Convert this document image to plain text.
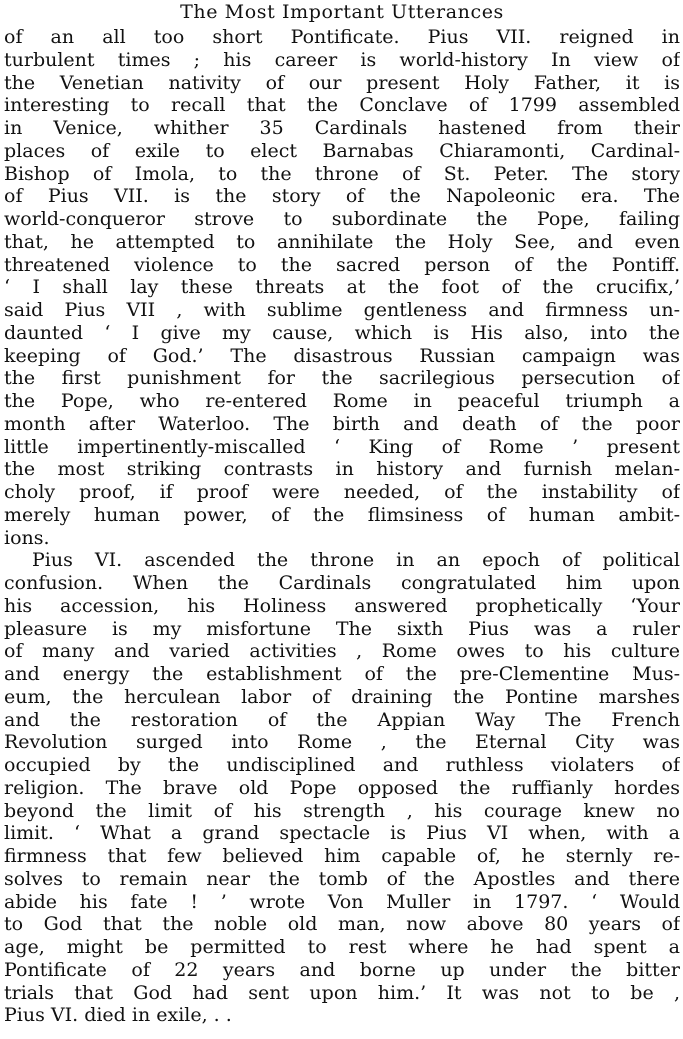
The Most Important Utterances
of an all too short Pontificate. Pius VII. reigned in
turbulent times ; his career is world-history In view of
the Venetian nativity of our present Holy Father, it is
interesting to recall that the Conclave of 1799 assembled
in Venice, whither 35 Cardinals hastened from their
places of exile to elect Barnabas Chiaramonti, Cardinal-
Bishop of Imola, to the throne of St. Peter. The story
of Pius VII. is the story of the Napoleonic era. The
world-conqueror strove to subordinate the Pope, failing
that, he attempted to annihilate the Holy See, and even
threatened violence to the sacred person of the Pontiff.
‘ I shall lay these threats at the foot of the crucifix,’
said Pius VII , with sublime gentleness and firmness un-
daunted ‘ I give my cause, which is His also, into the
keeping of God.’ The disastrous Russian campaign was
the first punishment for the sacrilegious persecution of
the Pope, who re-entered Rome in peaceful triumph a
month after Waterloo. The birth and death of the poor
little impertinently-miscalled ‘ King of Rome ’ present
the most striking contrasts in history and furnish melan-
choly proof, if proof were needed, of the instability of
merely human power, of the flimsiness of human ambit-
ions.
Pius VI. ascended the throne in an epoch of political
confusion. When the Cardinals congratulated him upon
his accession, his Holiness answered prophetically ‘Your
pleasure is my misfortune The sixth Pius was a ruler
of many and varied activities , Rome owes to his culture
and energy the establishment of the pre-Clementine Mus-
eum, the herculean labor of draining the Pontine marshes
and the restoration of the Appian Way The French
Revolution surged into Rome , the Eternal City was
occupied by the undisciplined and ruthless violaters of
religion. The brave old Pope opposed the ruffianly hordes
beyond the limit of his strength , his courage knew no
limit. ‘ What a grand spectacle is Pius VI when, with a
firmness that few believed him capable of, he sternly re-
solves to remain near the tomb of the Apostles and there
abide his fate ! ’ wrote Von Muller in 1797. ‘ Would
to God that the noble old man, now above 80 years of
age, might be permitted to rest where he had spent a
Pontificate of 22 years and borne up under the bitter
trials that God had sent upon him.’ It was not to be ,
Pius VI. died in exile, . .
